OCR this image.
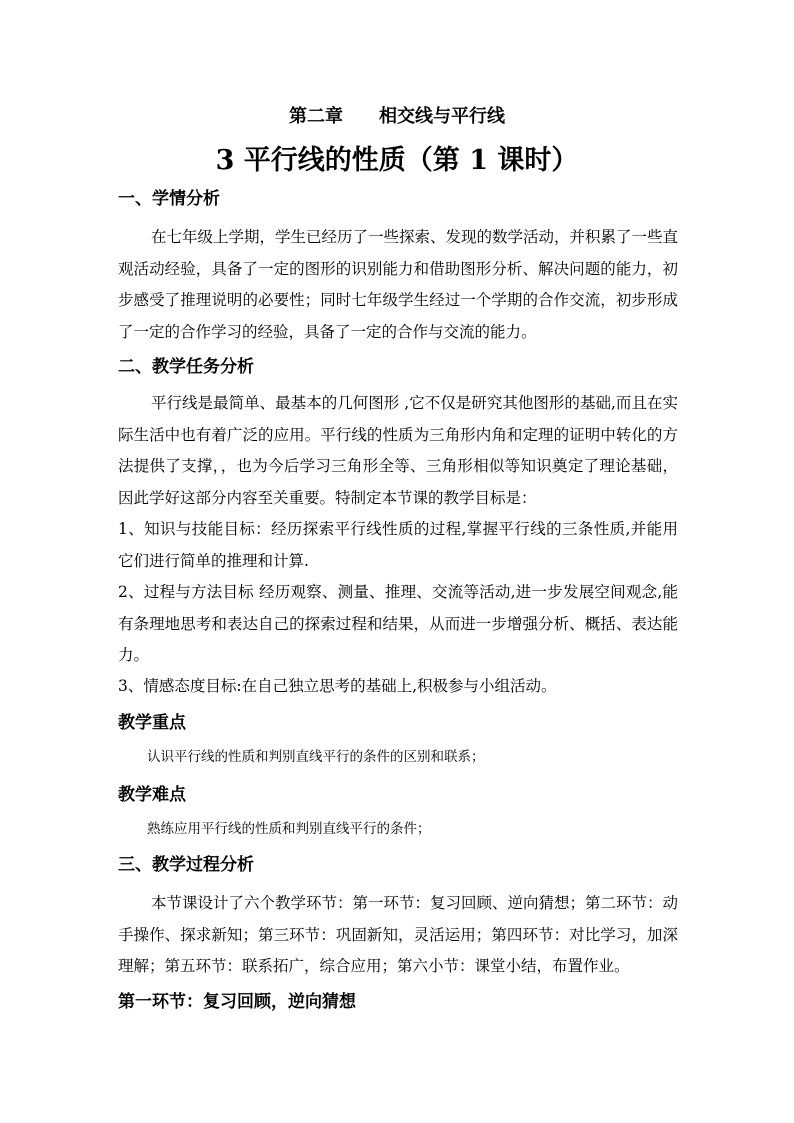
第二章　　相交线与平行线
3 平行线的性质（第 1 课时）
一、学情分析
在七年级上学期，学生已经历了一些探索、发现的数学活动，并积累了一些直观活动经验，具备了一定的图形的识别能力和借助图形分析、解决问题的能力，初步感受了推理说明的必要性；同时七年级学生经过一个学期的合作交流，初步形成了一定的合作学习的经验，具备了一定的合作与交流的能力。
二、教学任务分析
平行线是最简单、最基本的几何图形 ,它不仅是研究其他图形的基础,而且在实际生活中也有着广泛的应用。平行线的性质为三角形内角和定理的证明中转化的方法提供了支撑，，也为今后学习三角形全等、三角形相似等知识奠定了理论基础，因此学好这部分内容至关重要。特制定本节课的教学目标是：
1、知识与技能目标：经历探索平行线性质的过程,掌握平行线的三条性质,并能用它们进行简单的推理和计算.
2、过程与方法目标 经历观察、测量、推理、交流等活动,进一步发展空间观念,能有条理地思考和表达自己的探索过程和结果，从而进一步增强分析、概括、表达能力。
3、情感态度目标:在自己独立思考的基础上,积极参与小组活动。
教学重点
认识平行线的性质和判别直线平行的条件的区别和联系；
教学难点
熟练应用平行线的性质和判别直线平行的条件；
三、教学过程分析
本节课设计了六个教学环节：第一环节：复习回顾、逆向猜想；第二环节：动手操作、探求新知；第三环节：巩固新知，灵活运用；第四环节：对比学习，加深理解；第五环节：联系拓广，综合应用；第六小节：课堂小结，布置作业。
第一环节：复习回顾，逆向猜想
